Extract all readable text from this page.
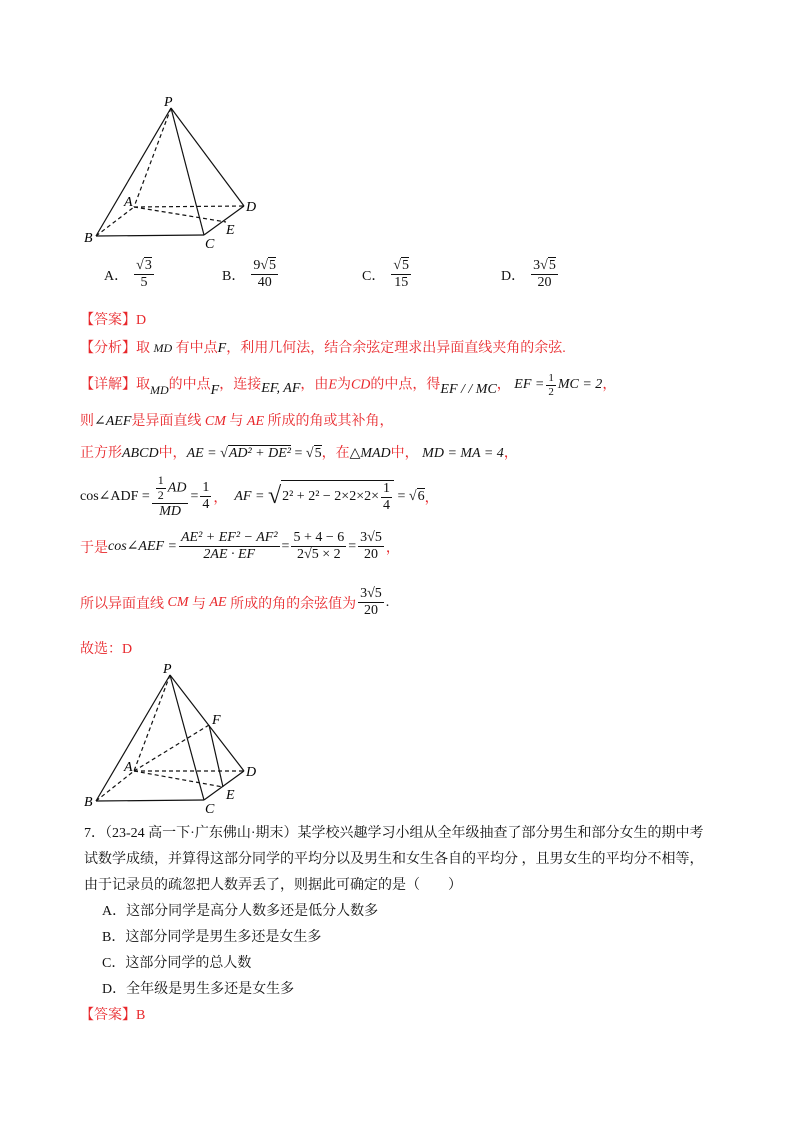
P
A
B	C
D
E
A． $\frac{√3}{5}$	B． $\frac{9√5}{40}$	C． $\frac{√5}{15}$	D． $\frac{3√5}{20}$
【答案】D
【分析】取 MD 有中点F，利用几何法，结合余弦定理求出异面直线夹角的余弦.
【详解】取MD的中点F，连接EF, AF，由E为CD的中点，得EF / / MC， EF = $\frac{1}{2}$ MC = 2，
则∠AEF是异面直线 CM 与 AE 所成的角或其补角，
正方形ABCD中，AE = √AD² + DE² = √5，在△MAD中， MD = MA = 4，
cos∠ADF = $\frac{\frac{1}{2} AD}{MD} = \frac{1}{4}$ ，
AF =
√ $2^2 + 2^2 - 2\times 2\times 2\times \frac{1}{4}$
= √ 6 ，
于是 cos∠AEF = $\frac{\text{AE² + EF² − AF²}}{2AE \cdot EF} = \frac{5 + 4 - 6}{2√5 \times 2} = \frac{3√5}{20}$ ，
所以异面直线
CM
与
AE
所成的角的余弦值为 $\frac{3√5}{20}$ .
故选：D
P
A
B	C
D
E
F
7．（23-24 高一下·广东佛山·期末）某学校兴趣学习小组从全年级抽查了部分男生和部分女生的期中考
试数学成绩，并算得这部分同学的平均分以及男生和女生各自的平均分 ，且男女生的平均分不相等，
由于记录员的疏忽把人数弄丢了，则据此可确定的是（　　）
A．这部分同学是高分人数多还是低分人数多
B．这部分同学是男生多还是女生多
C．这部分同学的总人数
D．全年级是男生多还是女生多
【答案】B
